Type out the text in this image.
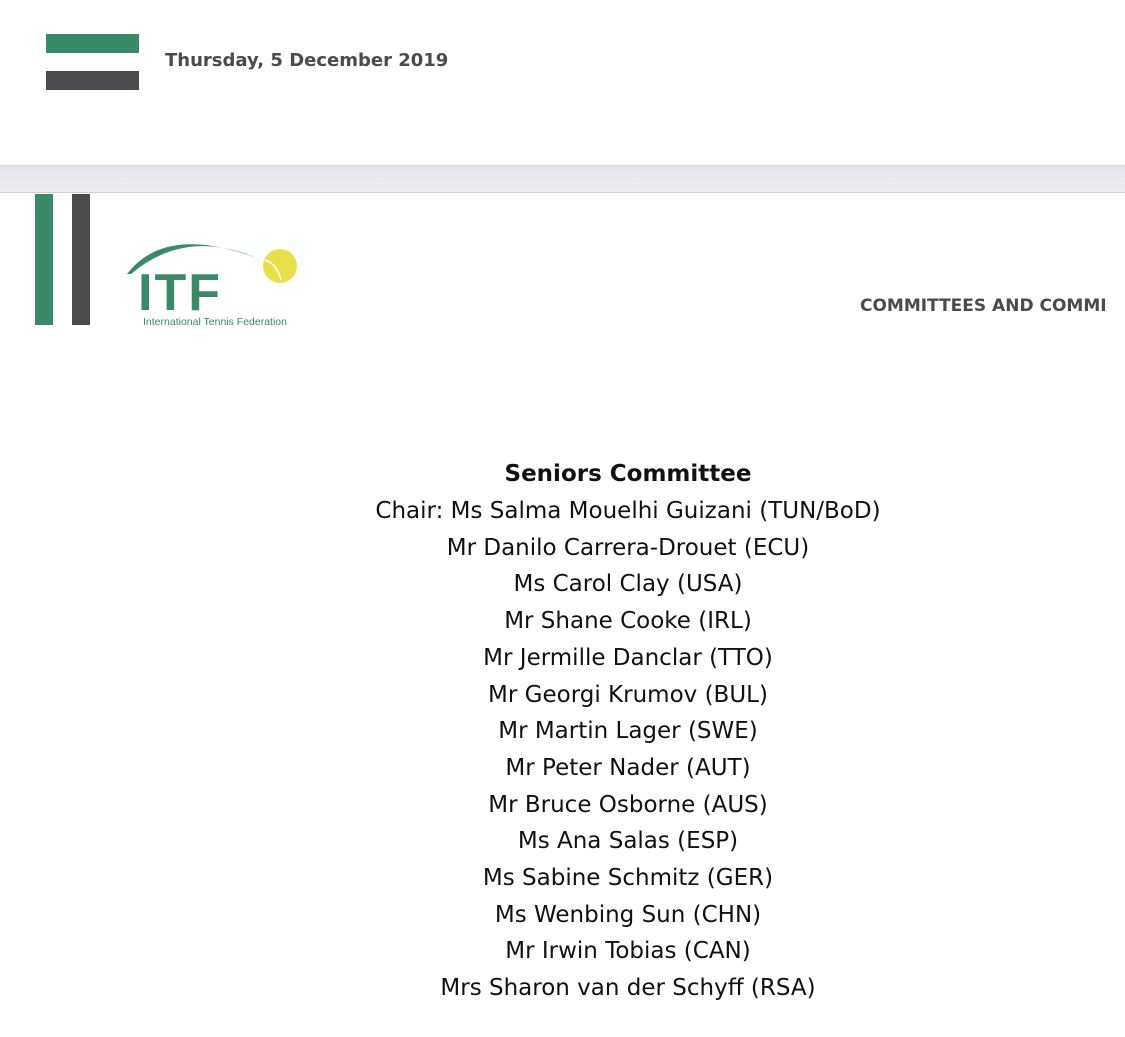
Thursday, 5 December 2019
ITF
International Tennis Federation
COMMITTEES AND COMMI
Seniors Committee
Chair: Ms Salma Mouelhi Guizani (TUN/BoD)
Mr Danilo Carrera-Drouet (ECU)
Ms Carol Clay (USA)
Mr Shane Cooke (IRL)
Mr Jermille Danclar (TTO)
Mr Georgi Krumov (BUL)
Mr Martin Lager (SWE)
Mr Peter Nader (AUT)
Mr Bruce Osborne (AUS)
Ms Ana Salas (ESP)
Ms Sabine Schmitz (GER)
Ms Wenbing Sun (CHN)
Mr Irwin Tobias (CAN)
Mrs Sharon van der Schyff (RSA)
